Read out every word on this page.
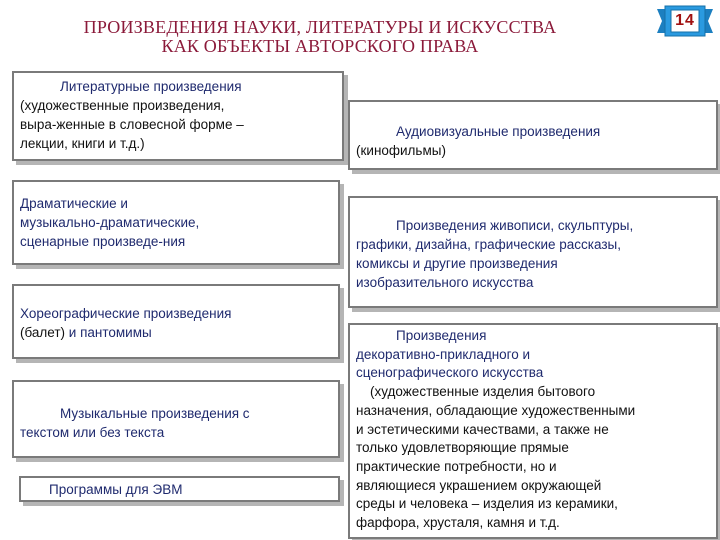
ПРОИЗВЕДЕНИЯ НАУКИ, ЛИТЕРАТУРЫ И ИСКУССТВА
КАК ОБЪЕКТЫ АВТОРСКОГО ПРАВА
14
Литературные произведения
(художественные произведения,
выра-женные в словесной форме –
лекции, книги и т.д.)
Драматические и
музыкально-драматические,
сценарные произведе-ния
Хореографические произведения
(балет) и пантомимы
Музыкальные произведения с
текстом или без текста
Программы для ЭВМ
Аудиовизуальные произведения
(кинофильмы)
Произведения живописи, скульптуры,
графики, дизайна, графические рассказы,
комиксы и другие произведения
изобразительного искусства
Произведения
декоративно-прикладного и
сценографического искусства
(художественные изделия бытового
назначения, обладающие художественными
и эстетическими качествами, а также не
только удовлетворяющие прямые
практические потребности, но и
являющиеся украшением окружающей
среды и человека – изделия из керамики,
фарфора, хрусталя, камня и т.д.
